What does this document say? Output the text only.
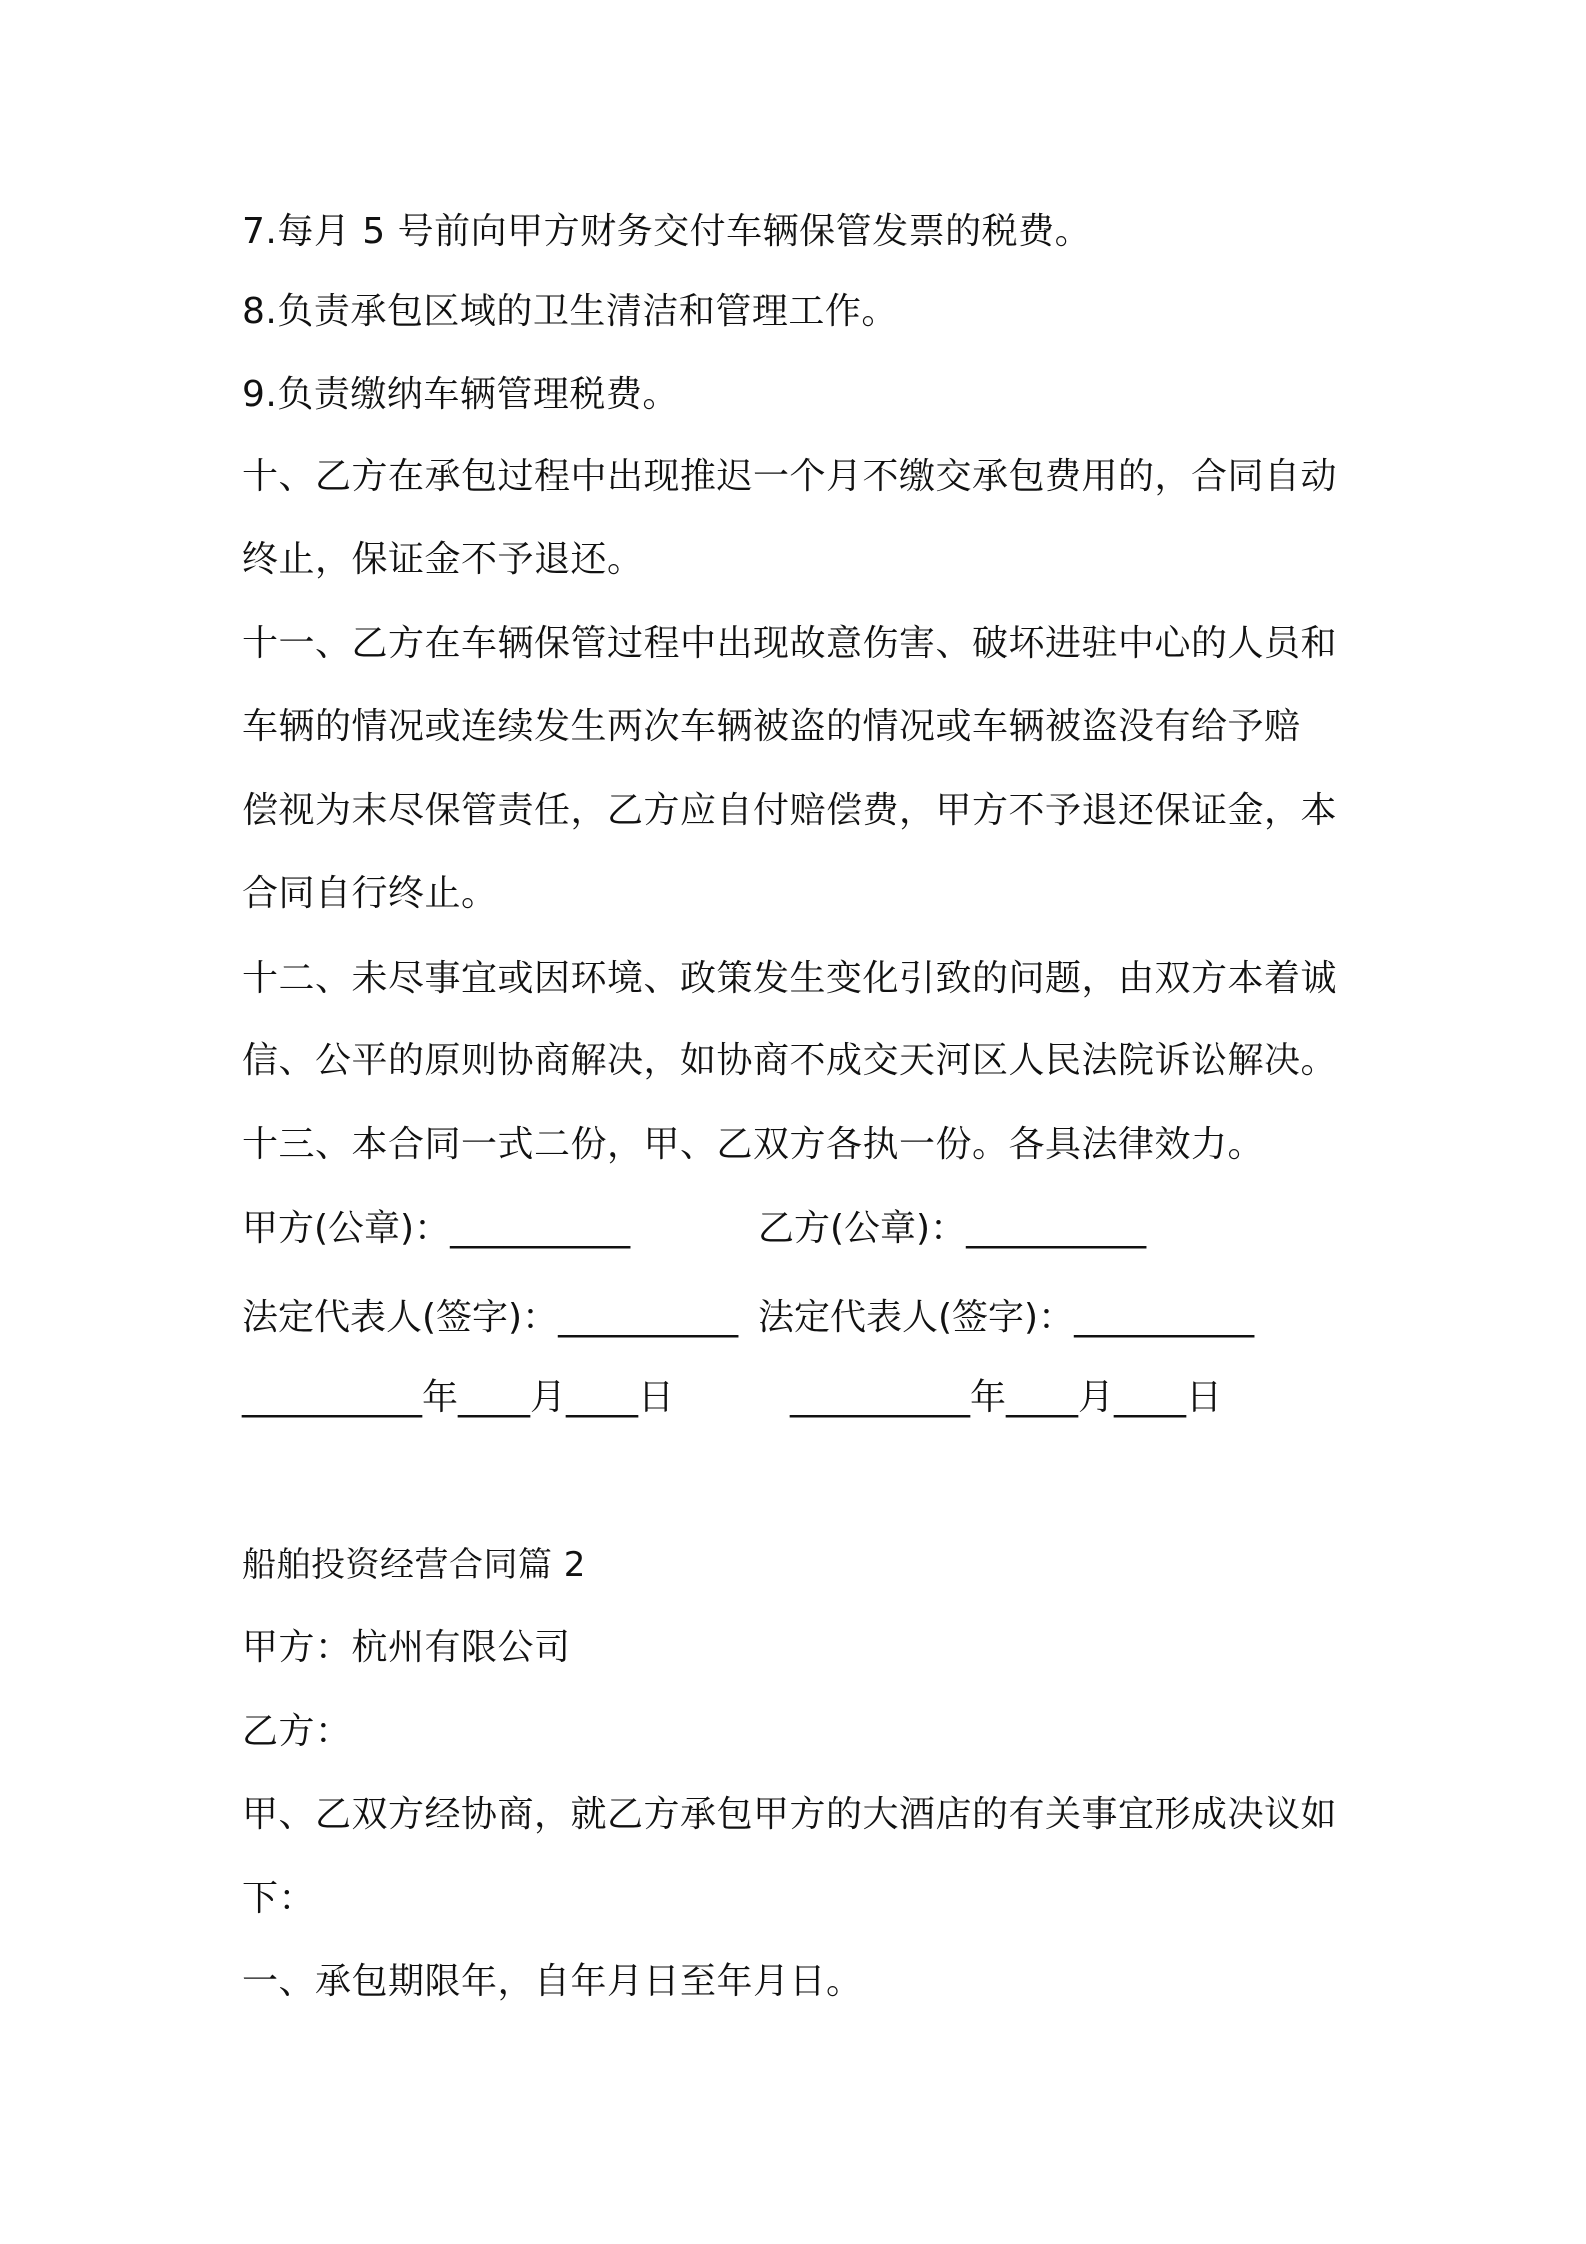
7.每月 5 号前向甲方财务交付车辆保管发票的税费。
8.负责承包区域的卫生清洁和管理工作。
9.负责缴纳车辆管理税费。
十、乙方在承包过程中出现推迟一个月不缴交承包费用的，合同自动
终止，保证金不予退还。
十一、乙方在车辆保管过程中出现故意伤害、破坏进驻中心的人员和
车辆的情况或连续发生两次车辆被盗的情况或车辆被盗没有给予赔
偿视为末尽保管责任，乙方应自付赔偿费，甲方不予退还保证金，本
合同自行终止。
十二、未尽事宜或因环境、政策发生变化引致的问题，由双方本着诚
信、公平的原则协商解决，如协商不成交天河区人民法院诉讼解决。
十三、本合同一式二份，甲、乙双方各执一份。各具法律效力。
甲方(公章)：__________	乙方(公章)：__________
法定代表人(签字)：__________ 法定代表人(签字)：__________
__________年____月____日	__________年____月____日
船舶投资经营合同篇 2
甲方：杭州有限公司
乙方：
甲、乙双方经协商，就乙方承包甲方的大酒店的有关事宜形成决议如
下：
一、承包期限年，自年月日至年月日。
